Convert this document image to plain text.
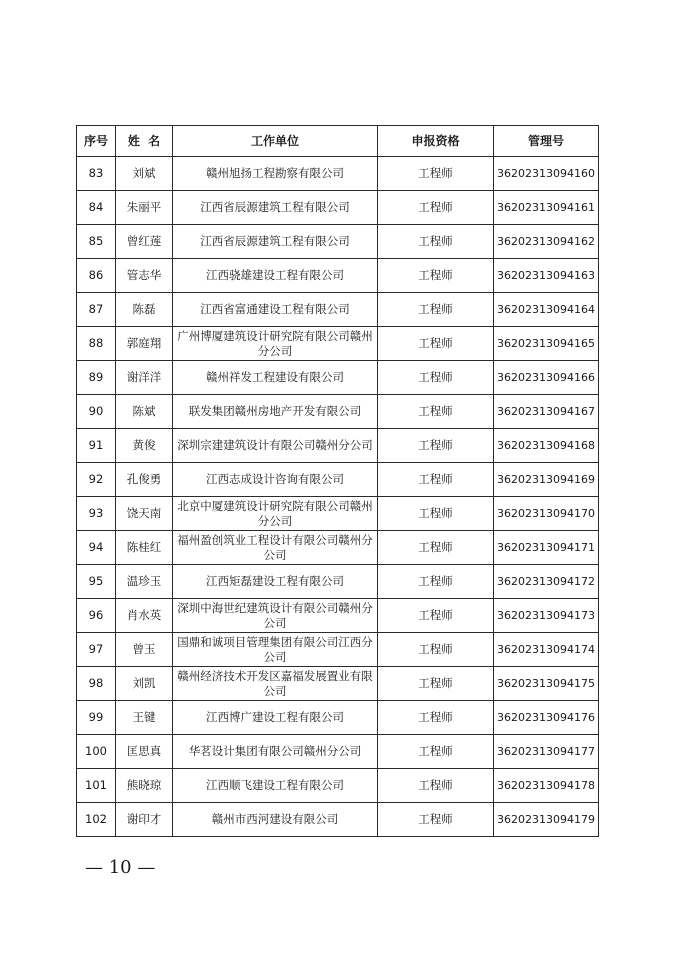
序号	姓  名	工作单位	申报资格	管理号
83	刘斌	赣州旭扬工程勘察有限公司	工程师	36202313094160
84	朱丽平	江西省辰源建筑工程有限公司	工程师	36202313094161
85	曾红莲	江西省辰源建筑工程有限公司	工程师	36202313094162
86	管志华	江西骁雄建设工程有限公司	工程师	36202313094163
87	陈磊	江西省富通建设工程有限公司	工程师	36202313094164
88	郭庭翔	广州博厦建筑设计研究院有限公司赣州分公司	工程师	36202313094165
89	谢洋洋	赣州祥发工程建设有限公司	工程师	36202313094166
90	陈斌	联发集团赣州房地产开发有限公司	工程师	36202313094167
91	黄俊	深圳宗建建筑设计有限公司赣州分公司	工程师	36202313094168
92	孔俊勇	江西志成设计咨询有限公司	工程师	36202313094169
93	饶天南	北京中厦建筑设计研究院有限公司赣州分公司	工程师	36202313094170
94	陈桂红	福州盈创筑业工程设计有限公司赣州分公司	工程师	36202313094171
95	温珍玉	江西矩磊建设工程有限公司	工程师	36202313094172
96	肖水英	深圳中海世纪建筑设计有限公司赣州分公司	工程师	36202313094173
97	曾玉	国鼎和诚项目管理集团有限公司江西分公司	工程师	36202313094174
98	刘凯	赣州经济技术开发区嘉福发展置业有限公司	工程师	36202313094175
99	王键	江西博广建设工程有限公司	工程师	36202313094176
100	匡思真	华茗设计集团有限公司赣州分公司	工程师	36202313094177
101	熊晓琼	江西顺飞建设工程有限公司	工程师	36202313094178
102	谢印才	赣州市西河建设有限公司	工程师	36202313094179
— 10 —
